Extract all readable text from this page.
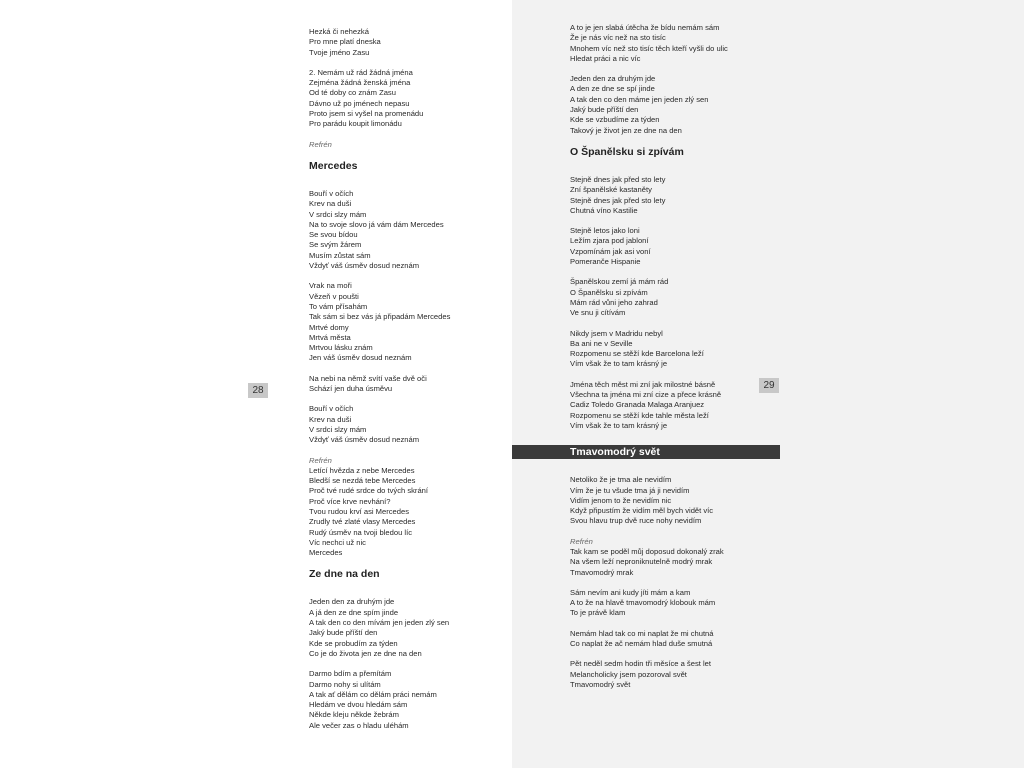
28	29
Hezká či nehezká
Pro mne platí dneska
Tvoje jméno Zasu
2. Nemám už rád žádná jména
Zejména žádná ženská jména
Od té doby co znám Zasu
Dávno už po jménech nepasu
Proto jsem si vyšel na promenádu
Pro parádu koupit limonádu
Refrén
Mercedes
Bouří v očích
Krev na duši
V srdci slzy mám
Na to svoje slovo já vám dám Mercedes
Se svou bídou
Se svým žárem
Musím zůstat sám
Vždyť váš úsměv dosud neznám
Vrak na moři
Vězeň v poušti
To vám přísahám
Tak sám si bez vás já připadám Mercedes
Mrtvé domy
Mrtvá města
Mrtvou lásku znám
Jen váš úsměv dosud neznám
Na nebi na němž svítí vaše dvě oči
Schází jen duha úsměvu
Bouří v očích
Krev na duši
V srdci slzy mám
Vždyť váš úsměv dosud neznám
Refrén
Letící hvězda z nebe Mercedes
Bledší se nezdá tebe Mercedes
Proč tvé rudé srdce do tvých skrání
Proč více krve nevhání?
Tvou rudou krví asi Mercedes
Zrudly tvé zlaté vlasy Mercedes
Rudý úsměv na tvoji bledou líc
Víc nechci už nic
Mercedes
Ze dne na den
Jeden den za druhým jde
A já den ze dne spím jinde
A tak den co den mívám jen jeden zlý sen
Jaký bude příští den
Kde se probudím za týden
Co je do života jen ze dne na den
Darmo bdím a přemítám
Darmo nohy si ulítám
A tak ať dělám co dělám práci nemám
Hledám ve dvou hledám sám
Někde kleju někde žebrám
Ale večer zas o hladu uléhám
A to je jen slabá útěcha že bídu nemám sám
Že je nás víc než na sto tisíc
Mnohem víc než sto tisíc těch kteří vyšli do ulic
Hledat práci a nic víc
Jeden den za druhým jde
A den ze dne se spí jinde
A tak den co den máme jen jeden zlý sen
Jaký bude příští den
Kde se vzbudíme za týden
Takový je život jen ze dne na den
O Španělsku si zpívám
Stejně dnes jak před sto lety
Zní španělské kastaněty
Stejně dnes jak před sto lety
Chutná víno Kastilie
Stejně letos jako loni
Ležím zjara pod jabloní
Vzpomínám jak asi voní
Pomeranče Hispanie
Španělskou zemí já mám rád
O Španělsku si zpívám
Mám rád vůni jeho zahrad
Ve snu ji cítívám
Nikdy jsem v Madridu nebyl
Ba ani ne v Seville
Rozpomenu se stěží kde Barcelona leží
Vím však že to tam krásný je
Jména těch měst mi zní jak milostné básně
Všechna ta jména mi zní cize a přece krásně
Cadiz Toledo Granada Malaga Aranjuez
Rozpomenu se stěží kde tahle města leží
Vím však že to tam krásný je
Tmavomodrý svět
Netoliko že je tma ale nevidím
Vím že je tu všude tma já ji nevidím
Vidím jenom to že nevidím nic
Když připustím že vidím měl bych vidět víc
Svou hlavu trup dvě ruce nohy nevidím
Refrén
Tak kam se poděl můj doposud dokonalý zrak
Na všem leží neproniknutelně modrý mrak
Tmavomodrý mrak
Sám nevím ani kudy jíti mám a kam
A to že na hlavě tmavomodrý klobouk mám
To je právě klam
Nemám hlad tak co mi naplat že mi chutná
Co naplat že ač nemám hlad duše smutná
Pět neděl sedm hodin tři měsíce a šest let
Melancholicky jsem pozoroval svět
Tmavomodrý svět
